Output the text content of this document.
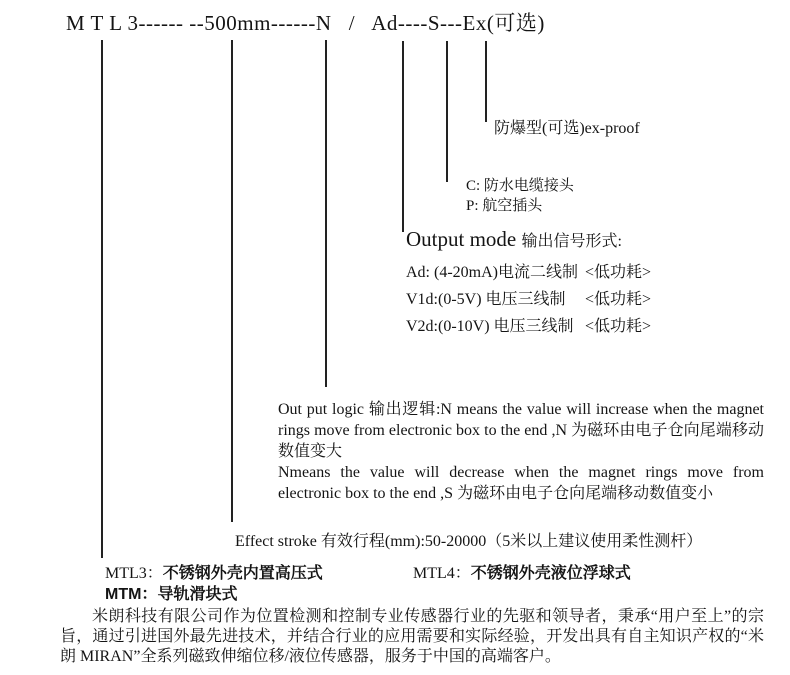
M T L 3------ --500mm------N   /   Ad----S---Ex(可选)
防爆型(可选)ex-proof
C: 防水电缆接头
P: 航空插头
Output mode 输出信号形式:
Ad: (4-20mA)电流二线制 <低功耗>
V1d:(0-5V) 电压三线制 <低功耗>
V2d:(0-10V) 电压三线制 <低功耗>

Out put logic 输出逻辑:N means the value will increase when the magnet rings move from electronic box to the end ,N 为磁环由电子仓向尾端移动数值变大

Nmeans the value will decrease when the magnet rings move from electronic box to the end ,S 为磁环由电子仓向尾端移动数值变小

Effect stroke 有效行程(mm):50-20000（5米以上建议使用柔性测杆）
MTL3：不锈钢外壳内置高压式	MTL4：不锈钢外壳液位浮球式
MTM：导轨滑块式
米朗科技有限公司作为位置检测和控制专业传感器行业的先驱和领导者，秉承“用户至上”的宗旨，通过引进国外最先进技术，并结合行业的应用需要和实际经验，开发出具有自主知识产权的“米朗 MIRAN”全系列磁致伸缩位移/液位传感器，服务于中国的高端客户。
